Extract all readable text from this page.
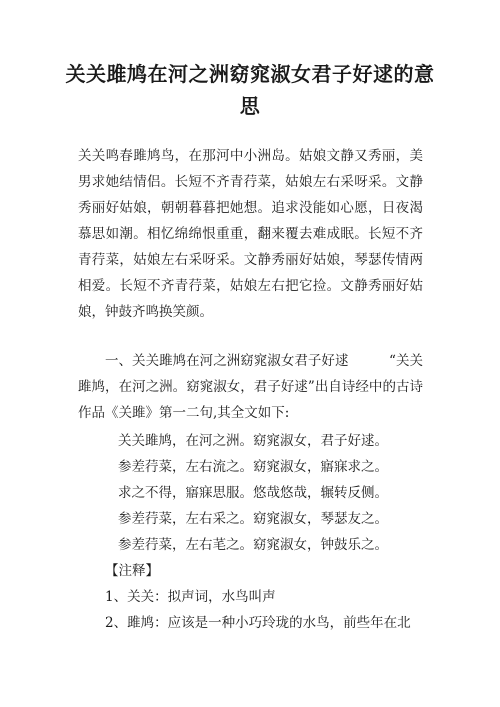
关关雎鸠在河之洲窈窕淑女君子好逑的意思
关关鸣春雎鸠鸟，在那河中小洲岛。姑娘文静又秀丽，美男求她结情侣。长短不齐青荇菜，姑娘左右采呀采。文静秀丽好姑娘，朝朝暮暮把她想。追求没能如心愿，日夜渴慕思如潮。相忆绵绵恨重重，翻来覆去难成眠。长短不齐青荇菜，姑娘左右采呀采。文静秀丽好姑娘，琴瑟传情两相爱。长短不齐青荇菜，姑娘左右把它捡。文静秀丽好姑娘，钟鼓齐鸣换笑颜。
一、关关雎鸠在河之洲窈窕淑女君子好逑　　　“关关雎鸠，在河之洲。窈窕淑女，君子好逑”出自诗经中的古诗作品《关雎》第一二句,其全文如下:
关关雎鸠，在河之洲。窈窕淑女，君子好逑。
参差荇菜，左右流之。窈窕淑女，寤寐求之。
求之不得，寤寐思服。悠哉悠哉，辗转反侧。
参差荇菜，左右采之。窈窕淑女，琴瑟友之。
参差荇菜，左右芼之。窈窕淑女，钟鼓乐之。
【注释】
1、关关：拟声词，水鸟叫声
2、雎鸠：应该是一种小巧玲珑的水鸟，前些年在北
